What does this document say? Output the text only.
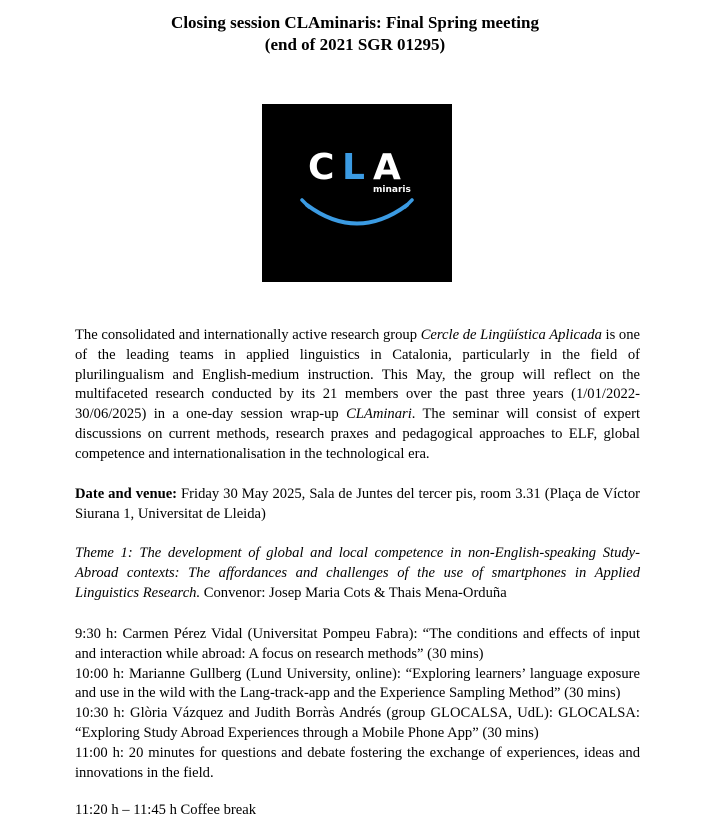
Closing session CLAminaris: Final Spring meeting
(end of 2021 SGR 01295)
C L A
minaris
The consolidated and internationally active research group Cercle de Lingüística Aplicada is one of the leading teams in applied linguistics in Catalonia, particularly in the field of plurilingualism and English-medium instruction. This May, the group will reflect on the multifaceted research conducted by its 21 members over the past three years (1/01/2022-30/06/2025) in a one-day session wrap-up CLAminari. The seminar will consist of expert discussions on current methods, research praxes and pedagogical approaches to ELF, global competence and internationalisation in the technological era.
Date and venue: Friday 30 May 2025, Sala de Juntes del tercer pis, room 3.31 (Plaça de Víctor Siurana 1, Universitat de Lleida)
Theme 1: The development of global and local competence in non-English-speaking Study-Abroad contexts: The affordances and challenges of the use of smartphones in Applied Linguistics Research. Convenor: Josep Maria Cots & Thais Mena-Orduña
9:30 h: Carmen Pérez Vidal (Universitat Pompeu Fabra): “The conditions and effects of input and interaction while abroad: A focus on research methods” (30 mins)
10:00 h: Marianne Gullberg (Lund University, online): “Exploring learners’ language exposure and use in the wild with the Lang-track-app and the Experience Sampling Method” (30 mins)
10:30 h: Glòria Vázquez and Judith Borràs Andrés (group GLOCALSA, UdL): GLOCALSA: “Exploring Study Abroad Experiences through a Mobile Phone App” (30 mins)
11:00 h: 20 minutes for questions and debate fostering the exchange of experiences, ideas and innovations in the field.
11:20 h – 11:45 h Coffee break
